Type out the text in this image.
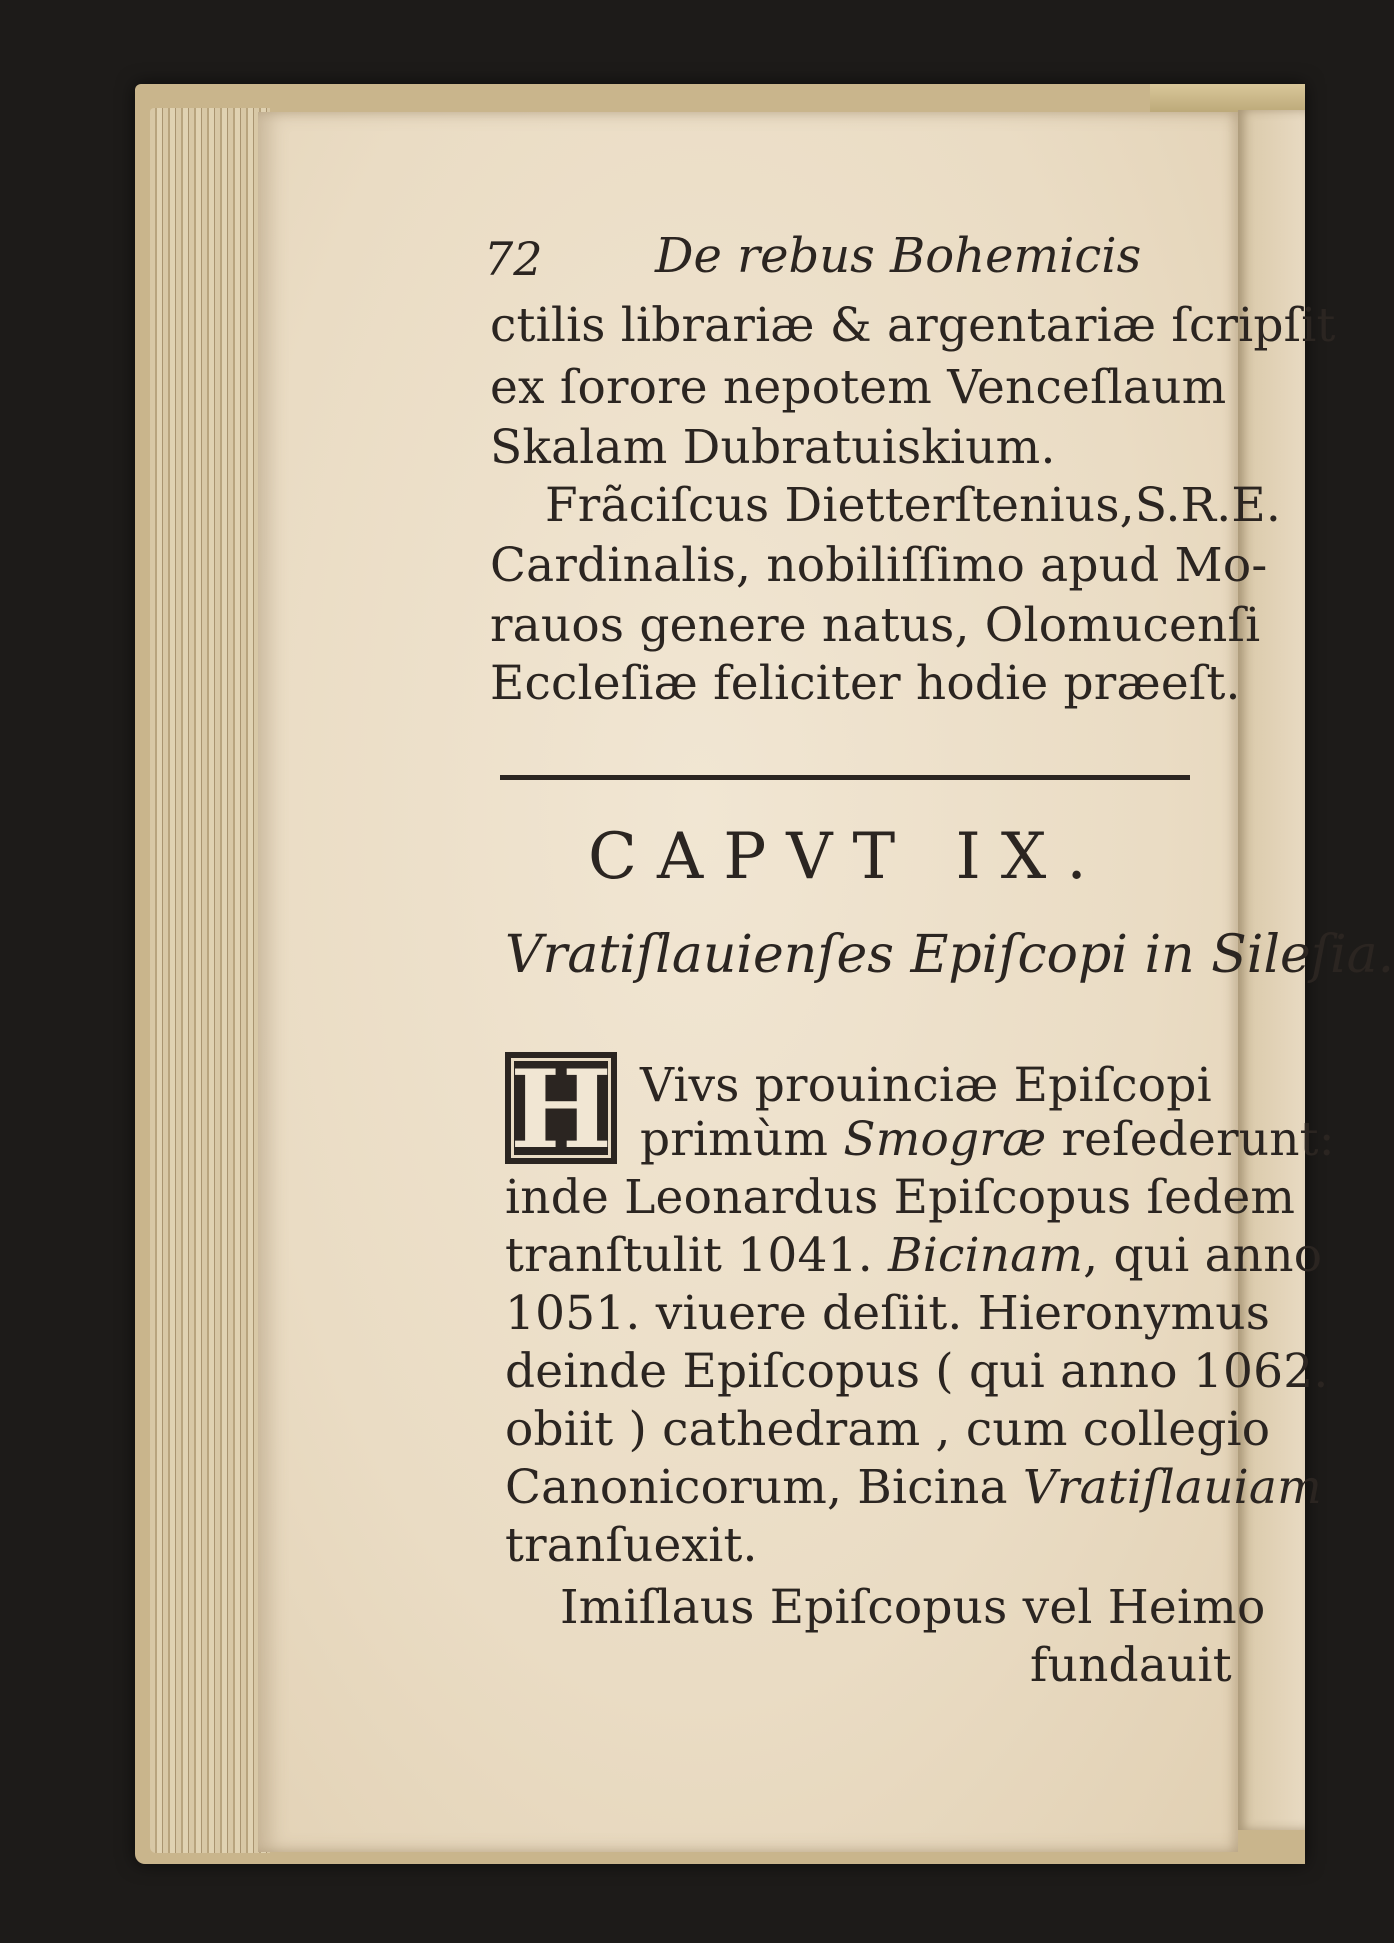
72 De rebus Bohemicis
ctilis librariæ & argentariæ ſcripſit
ex ſorore nepotem Venceſlaum
Skalam Dubratuiskium.
Frãciſcus Dietterſtenius,S.R.E.
Cardinalis, nobiliſſimo apud Mo-
rauos genere natus, Olomucenſi
Eccleſiæ feliciter hodie præeſt.
CAPVT IX.
Vratiſlauienſes Epiſcopi in Sileſia.
H Vivs prouinciæ Epiſcopi
primùm Smogræ reſederunt:
inde Leonardus Epiſcopus ſedem
tranſtulit 1041. Bicinam, qui anno
1051. viuere deſiit. Hieronymus
deinde Epiſcopus ( qui anno 1062.
obiit ) cathedram , cum collegio
Canonicorum, Bicina Vratiſlauiam
tranſuexit.
Imiſlaus Epiſcopus vel Heimo
fundauit
